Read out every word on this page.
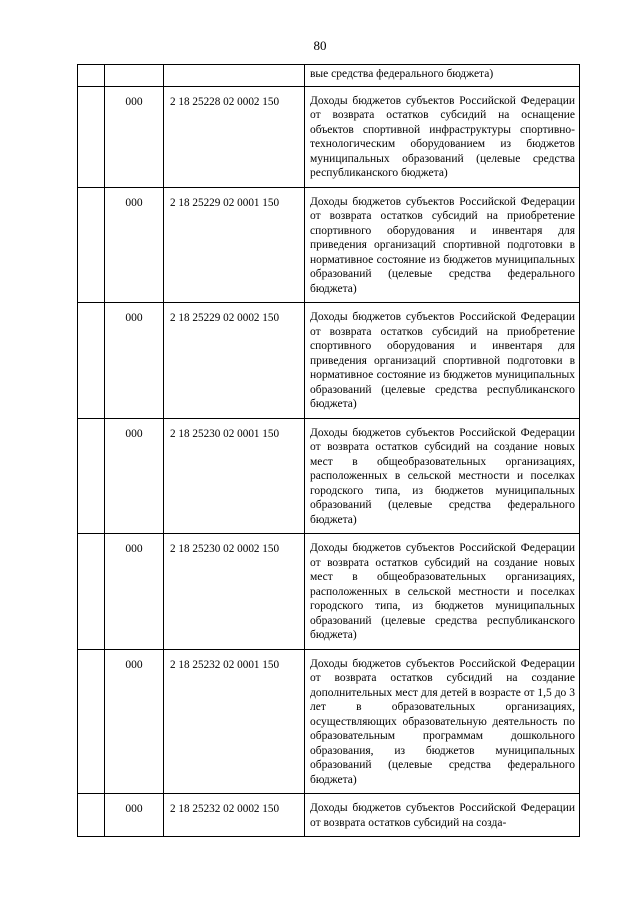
80
			вые средства федерального бюджета)
	000	2 18 25228 02 0002 150	Доходы бюджетов субъектов Российской Федерации от возврата остатков субсидий на оснащение объектов спортивной инфраструктуры спортивно-технологическим оборудованием из бюджетов муниципальных образований (целевые средства республиканского бюджета)
	000	2 18 25229 02 0001 150	Доходы бюджетов субъектов Российской Федерации от возврата остатков субсидий на приобретение спортивного оборудования и инвентаря для приведения организаций спортивной подготовки в нормативное состояние из бюджетов муниципальных образований (целевые средства федерального бюджета)
	000	2 18 25229 02 0002 150	Доходы бюджетов субъектов Российской Федерации от возврата остатков субсидий на приобретение спортивного оборудования и инвентаря для приведения организаций спортивной подготовки в нормативное состояние из бюджетов муниципальных образований (целевые средства республиканского бюджета)
	000	2 18 25230 02 0001 150	Доходы бюджетов субъектов Российской Федерации от возврата остатков субсидий на создание новых мест в общеобразовательных организациях, расположенных в сельской местности и поселках городского типа, из бюджетов муниципальных образований (целевые средства федерального бюджета)
	000	2 18 25230 02 0002 150	Доходы бюджетов субъектов Российской Федерации от возврата остатков субсидий на создание новых мест в общеобразовательных организациях, расположенных в сельской местности и поселках городского типа, из бюджетов муниципальных образований (целевые средства республиканского бюджета)
	000	2 18 25232 02 0001 150	Доходы бюджетов субъектов Российской Федерации от возврата остатков субсидий на создание дополнительных мест для детей в возрасте от 1,5 до 3 лет в образовательных организациях, осуществляющих образовательную деятельность по образовательным программам дошкольного образования, из бюджетов муниципальных образований (целевые средства федерального бюджета)
	000	2 18 25232 02 0002 150	Доходы бюджетов субъектов Российской Федерации от возврата остатков субсидий на созда-
